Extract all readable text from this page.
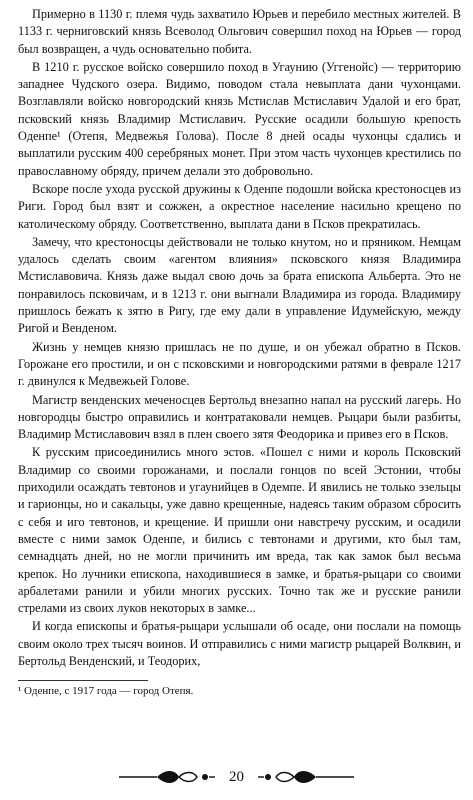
Примерно в 1130 г. племя чудь захватило Юрьев и перебило местных жителей. В 1133 г. черниговский князь Всеволод Ольгович совершил поход на Юрьев — город был возвращен, а чудь основательно побита.

В 1210 г. русское войско совершило поход в Угаунию (Уггенойс) — территорию западнее Чудского озера. Видимо, поводом стала невыплата дани чухонцами. Возглавляли войско новгородский князь Мстислав Мстиславич Удалой и его брат, псковский князь Владимир Мстиславич. Русские осадили большую крепость Оденпе¹ (Отепя, Медвежья Голова). После 8 дней осады чухонцы сдались и выплатили русским 400 серебряных монет. При этом часть чухонцев крестились по православному обряду, причем делали это добровольно.

Вскоре после ухода русской дружины к Оденпе подошли войска крестоносцев из Риги. Город был взят и сожжен, а окрестное население насильно крещено по католическому обряду. Соответственно, выплата дани в Псков прекратилась.

Замечу, что крестоносцы действовали не только кнутом, но и пряником. Немцам удалось сделать своим «агентом влияния» псковского князя Владимира Мстиславовича. Князь даже выдал свою дочь за брата епископа Альберта. Это не понравилось псковичам, и в 1213 г. они выгнали Владимира из города. Владимиру пришлось бежать к зятю в Ригу, где ему дали в управление Идумейскую, между Ригой и Венденом.

Жизнь у немцев князю пришлась не по душе, и он убежал обратно в Псков. Горожане его простили, и он с псковскими и новгородскими ратями в феврале 1217 г. двинулся к Медвежьей Голове.

Магистр венденских меченосцев Бертольд внезапно напал на русский лагерь. Но новгородцы быстро оправились и контратаковали немцев. Рыцари были разбиты, Владимир Мстиславович взял в плен своего зятя Феодорика и привез его в Псков.

К русским присоединились много эстов. «Пошел с ними и король Псковский Владимир со своими горожанами, и послали гонцов по всей Эстонии, чтобы приходили осаждать тевтонов и угаунийцев в Одемпе. И явились не только эзельцы и гарионцы, но и сакальцы, уже давно крещенные, надеясь таким образом сбросить с себя и иго тевтонов, и крещение. И пришли они навстречу русским, и осадили вместе с ними замок Оденпе, и бились с тевтонами и другими, кто был там, семнадцать дней, но не могли причинить им вреда, так как замок был весьма крепок. Но лучники епископа, находившиеся в замке, и братья-рыцари со своими арбалетами ранили и убили многих русских. Точно так же и русские ранили стрелами из своих луков некоторых в замке...

И когда епископы и братья-рыцари услышали об осаде, они послали на помощь своим около трех тысяч воинов. И отправились с ними магистр рыцарей Волквин, и Бертольд Венденский, и Теодорих,

¹ Оденпе, с 1917 года — город Отепя.

20
